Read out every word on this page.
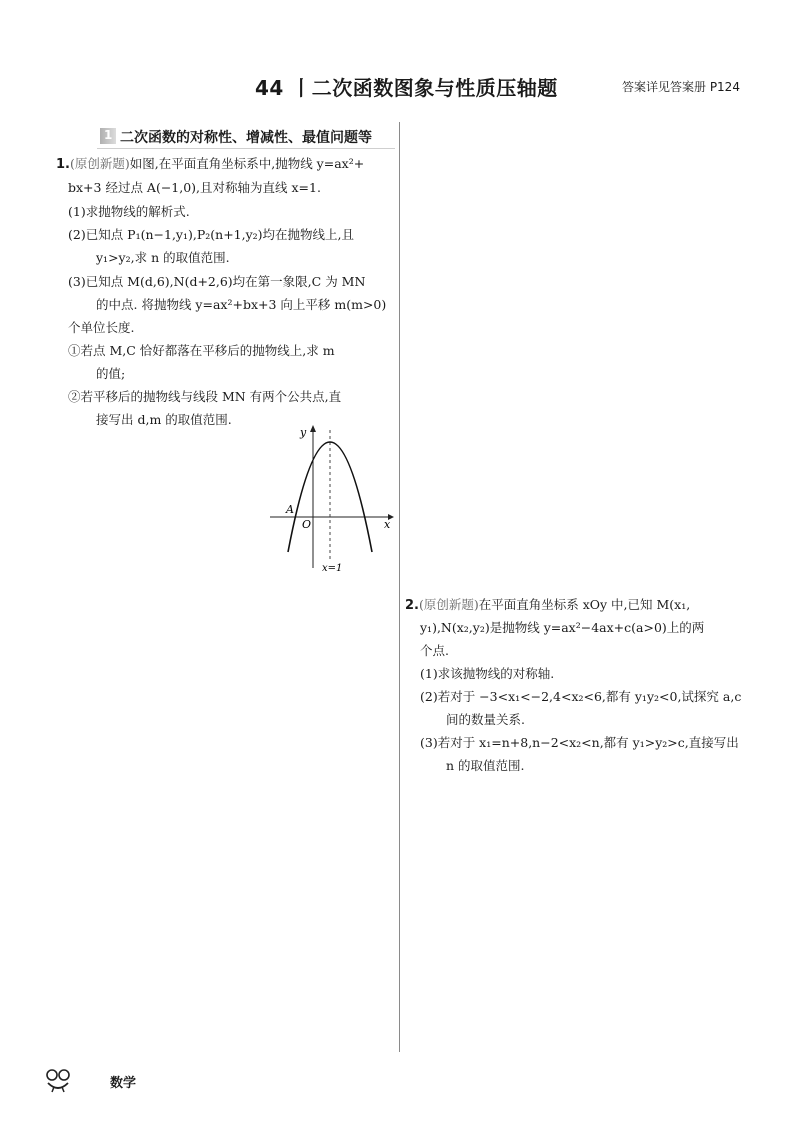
44 丨二次函数图象与性质压轴题	答案详见答案册 P124
1 二次函数的对称性、增减性、最值问题等
1.(原创新题)如图,在平面直角坐标系中,抛物线 y=ax²+
bx+3 经过点 A(−1,0),且对称轴为直线 x=1.
(1)求抛物线的解析式.
(2)已知点 P₁(n−1,y₁),P₂(n+1,y₂)均在抛物线上,且
y₁>y₂,求 n 的取值范围.
(3)已知点 M(d,6),N(d+2,6)均在第一象限,C 为 MN
的中点. 将抛物线 y=ax²+bx+3 向上平移 m(m>0)
个单位长度.
①若点 M,C 恰好都落在平移后的抛物线上,求 m
的值;
②若平移后的抛物线与线段 MN 有两个公共点,直
接写出 d,m 的取值范围.
y
x
O
A
x=1
2.(原创新题)在平面直角坐标系 xOy 中,已知 M(x₁,
y₁),N(x₂,y₂)是抛物线 y=ax²−4ax+c(a>0)上的两
个点.
(1)求该抛物线的对称轴.
(2)若对于 −3<x₁<−2,4<x₂<6,都有 y₁y₂<0,试探究 a,c
间的数量关系.
(3)若对于 x₁=n+8,n−2<x₂<n,都有 y₁>y₂>c,直接写出
n 的取值范围.
数学
